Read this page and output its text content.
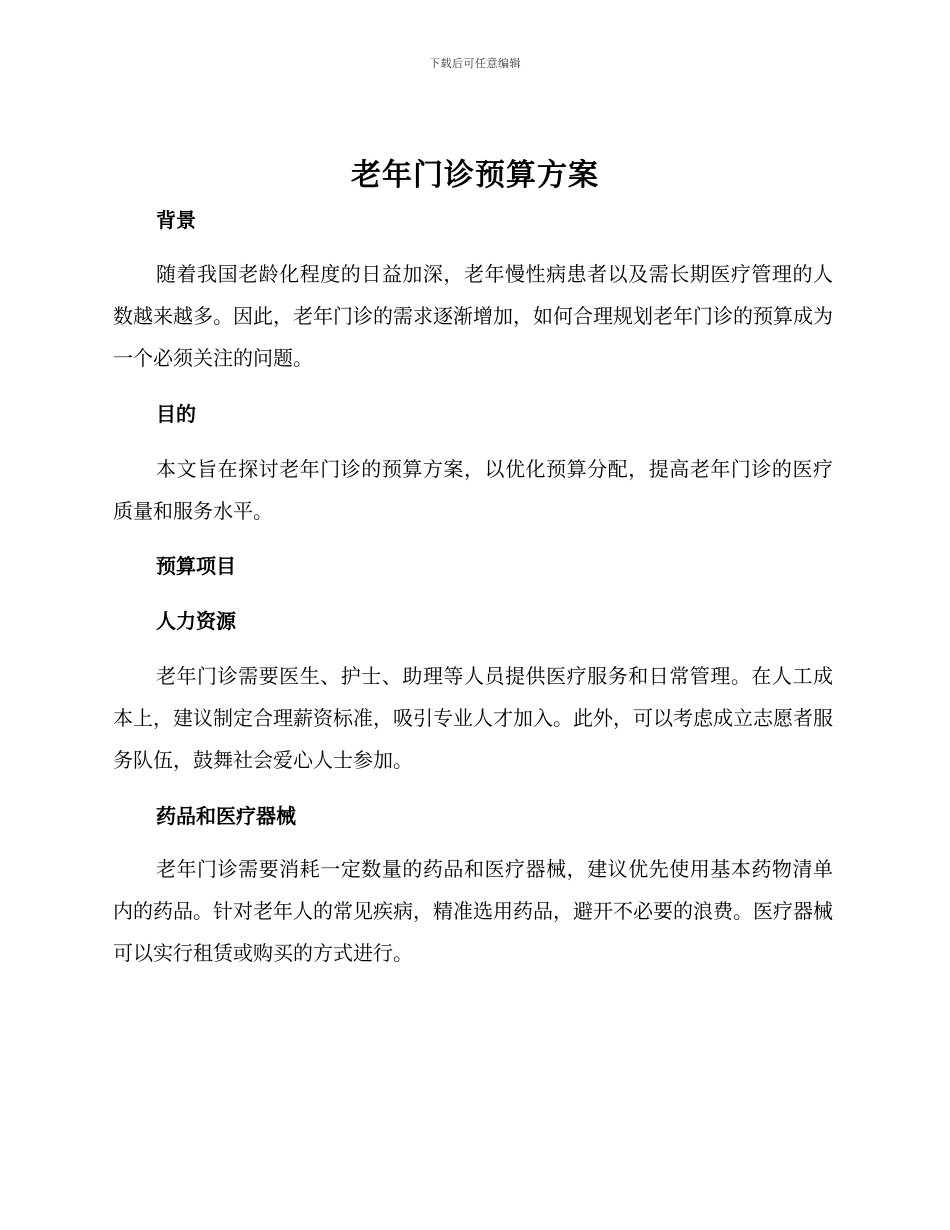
下载后可任意编辑
老年门诊预算方案
背景
随着我国老龄化程度的日益加深，老年慢性病患者以及需长期医疗管理的人数越来越多。因此，老年门诊的需求逐渐增加，如何合理规划老年门诊的预算成为一个必须关注的问题。
目的
本文旨在探讨老年门诊的预算方案，以优化预算分配，提高老年门诊的医疗质量和服务水平。
预算项目
人力资源
老年门诊需要医生、护士、助理等人员提供医疗服务和日常管理。在人工成本上，建议制定合理薪资标准，吸引专业人才加入。此外，可以考虑成立志愿者服务队伍，鼓舞社会爱心人士参加。
药品和医疗器械
老年门诊需要消耗一定数量的药品和医疗器械，建议优先使用基本药物清单内的药品。针对老年人的常见疾病，精准选用药品，避开不必要的浪费。医疗器械可以实行租赁或购买的方式进行。
